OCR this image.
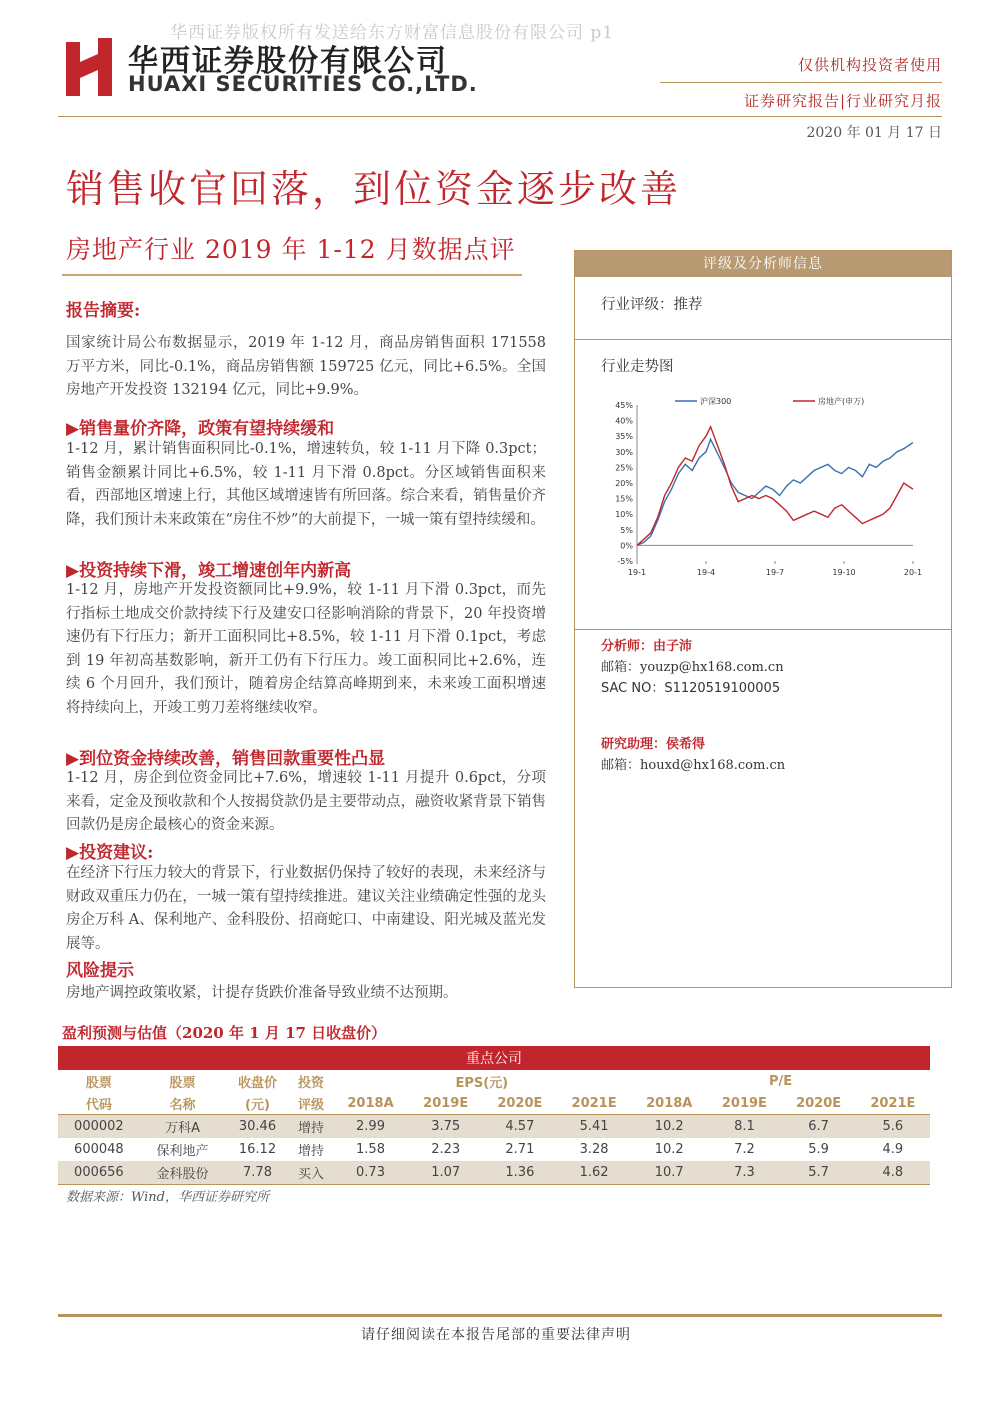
华西证券版权所有发送给东方财富信息股份有限公司 p1
华西证券股份有限公司
HUAXI SECURITIES CO.,LTD.
仅供机构投资者使用
证券研究报告|行业研究月报
2020 年 01 月 17 日
销售收官回落，到位资金逐步改善
房地产行业 2019 年 1-12 月数据点评
报告摘要:
国家统计局公布数据显示，2019 年 1-12 月，商品房销售面积 171558 万平方米，同比-0.1%，商品房销售额 159725 亿元，同比+6.5%。全国房地产开发投资 132194 亿元，同比+9.9%。
▶销售量价齐降，政策有望持续缓和
1-12 月，累计销售面积同比-0.1%，增速转负，较 1-11 月下降 0.3pct；销售金额累计同比+6.5%，较 1-11 月下滑 0.8pct。分区域销售面积来看，西部地区增速上行，其他区域增速皆有所回落。综合来看，销售量价齐降，我们预计未来政策在“房住不炒”的大前提下，一城一策有望持续缓和。
▶投资持续下滑，竣工增速创年内新高
1-12 月，房地产开发投资额同比+9.9%，较 1-11 月下滑 0.3pct，而先行指标土地成交价款持续下行及建安口径影响消除的背景下，20 年投资增速仍有下行压力；新开工面积同比+8.5%，较 1-11 月下滑 0.1pct，考虑到 19 年初高基数影响，新开工仍有下行压力。竣工面积同比+2.6%，连续 6 个月回升，我们预计，随着房企结算高峰期到来，未来竣工面积增速将持续向上，开竣工剪刀差将继续收窄。
▶到位资金持续改善，销售回款重要性凸显
1-12 月，房企到位资金同比+7.6%，增速较 1-11 月提升 0.6pct，分项来看，定金及预收款和个人按揭贷款仍是主要带动点，融资收紧背景下销售回款仍是房企最核心的资金来源。
▶投资建议:
在经济下行压力较大的背景下，行业数据仍保持了较好的表现，未来经济与财政双重压力仍在，一城一策有望持续推进。建议关注业绩确定性强的龙头房企万科 A、保利地产、金科股份、招商蛇口、中南建设、阳光城及蓝光发展等。
风险提示
房地产调控政策收紧，计提存货跌价准备导致业绩不达预期。
评级及分析师信息
行业评级：推荐
行业走势图
-5%
0%
5%
10%
15%
20%
25%
30%
35%
40%
45%
19-1	19-4	19-7	19-10	20-1
沪深300	房地产(申万)
分析师：由子沛
邮箱：youzp@hx168.com.cn
SAC NO：S1120519100005
研究助理：侯希得
邮箱：houxd@hx168.com.cn
盈利预测与估值（2020 年 1 月 17 日收盘价）
重点公司											
股票	股票	收盘价	投资	EPS(元)				P/E			
代码	名称	(元)	评级	2018A	2019E	2020E	2021E	2018A	2019E	2020E	2021E
000002	万科A	30.46	增持	2.99	3.75	4.57	5.41	10.2	8.1	6.7	5.6
600048	保利地产	16.12	增持	1.58	2.23	2.71	3.28	10.2	7.2	5.9	4.9
000656	金科股份	7.78	买入	0.73	1.07	1.36	1.62	10.7	7.3	5.7	4.8
数据来源：Wind，华西证券研究所
请仔细阅读在本报告尾部的重要法律声明
